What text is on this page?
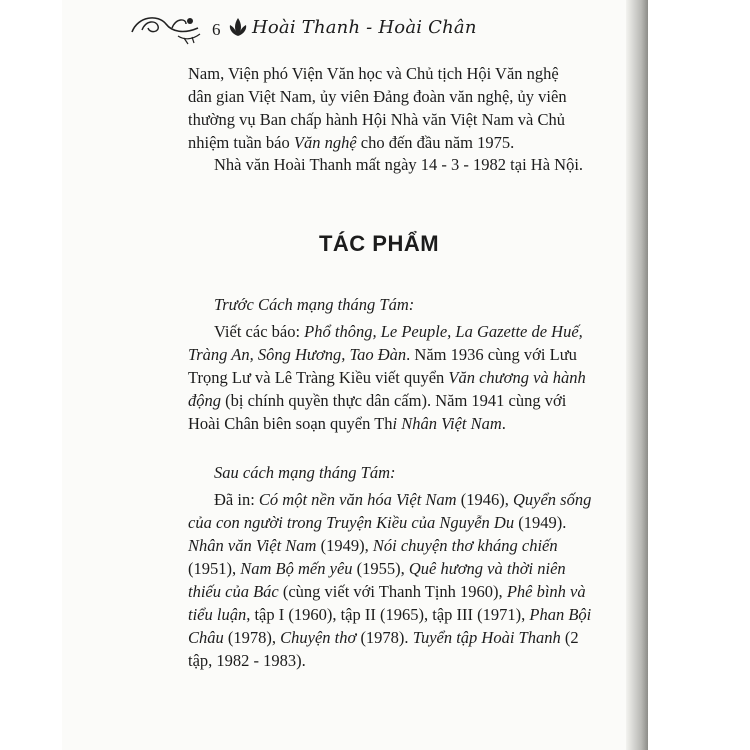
6 Hoài Thanh - Hoài Chân
Nam, Viện phó Viện Văn học và Chủ tịch Hội Văn nghệ
dân gian Việt Nam, ủy viên Đảng đoàn văn nghệ, ủy viên
thường vụ Ban chấp hành Hội Nhà văn Việt Nam và Chủ
nhiệm tuần báo Văn nghệ cho đến đầu năm 1975.
Nhà văn Hoài Thanh mất ngày 14 - 3 - 1982 tại Hà Nội.
TÁC PHẨM
Trước Cách mạng tháng Tám:
Viết các báo: Phổ thông, Le Peuple, La Gazette de Huế,
Tràng An, Sông Hương, Tao Đàn. Năm 1936 cùng với Lưu
Trọng Lư và Lê Tràng Kiều viết quyển Văn chương và hành
động (bị chính quyền thực dân cấm). Năm 1941 cùng với
Hoài Chân biên soạn quyển Thi Nhân Việt Nam.
Sau cách mạng tháng Tám:
Đã in: Có một nền văn hóa Việt Nam (1946), Quyển sống
của con người trong Truyện Kiều của Nguyễn Du (1949).
Nhân văn Việt Nam (1949), Nói chuyện thơ kháng chiến
(1951), Nam Bộ mến yêu (1955), Quê hương và thời niên
thiếu của Bác (cùng viết với Thanh Tịnh 1960), Phê bình và
tiểu luận, tập I (1960), tập II (1965), tập III (1971), Phan Bội
Châu (1978), Chuyện thơ (1978). Tuyển tập Hoài Thanh (2
tập, 1982 - 1983).
